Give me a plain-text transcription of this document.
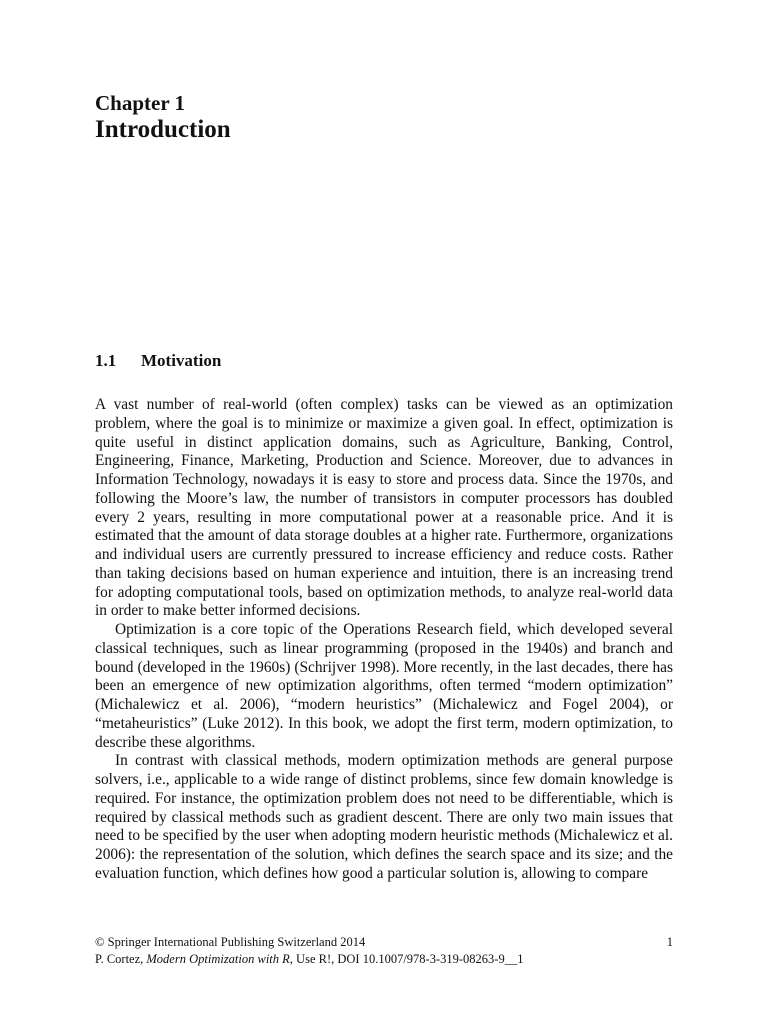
Chapter 1
Introduction
1.1 Motivation

A vast number of real-world (often complex) tasks can be viewed as an optimization problem, where the goal is to minimize or maximize a given goal. In effect, optimization is quite useful in distinct application domains, such as Agriculture, Banking, Control, Engineering, Finance, Marketing, Production and Science. Moreover, due to advances in Information Technology, nowadays it is easy to store and process data. Since the 1970s, and following the Moore’s law, the number of transistors in computer processors has doubled every 2 years, resulting in more computational power at a reasonable price. And it is estimated that the amount of data storage doubles at a higher rate. Furthermore, organizations and individual users are currently pressured to increase efficiency and reduce costs. Rather than taking decisions based on human experience and intuition, there is an increasing trend for adopting computational tools, based on optimization methods, to analyze real-world data in order to make better informed decisions.

Optimization is a core topic of the Operations Research field, which developed several classical techniques, such as linear programming (proposed in the 1940s) and branch and bound (developed in the 1960s) (Schrijver 1998). More recently, in the last decades, there has been an emergence of new optimization algorithms, often termed “modern optimization” (Michalewicz et al. 2006), “modern heuristics” (Michalewicz and Fogel 2004), or “metaheuristics” (Luke 2012). In this book, we adopt the first term, modern optimization, to describe these algorithms.

In contrast with classical methods, modern optimization methods are general purpose solvers, i.e., applicable to a wide range of distinct problems, since few domain knowledge is required. For instance, the optimization problem does not need to be differentiable, which is required by classical methods such as gradient descent. There are only two main issues that need to be specified by the user when adopting modern heuristic methods (Michalewicz et al. 2006): the representation of the solution, which defines the search space and its size; and the evaluation function, which defines how good a particular solution is, allowing to compare

© Springer International Publishing Switzerland 2014	1
P. Cortez, Modern Optimization with R, Use R!, DOI 10.1007/978-3-319-08263-9__1
